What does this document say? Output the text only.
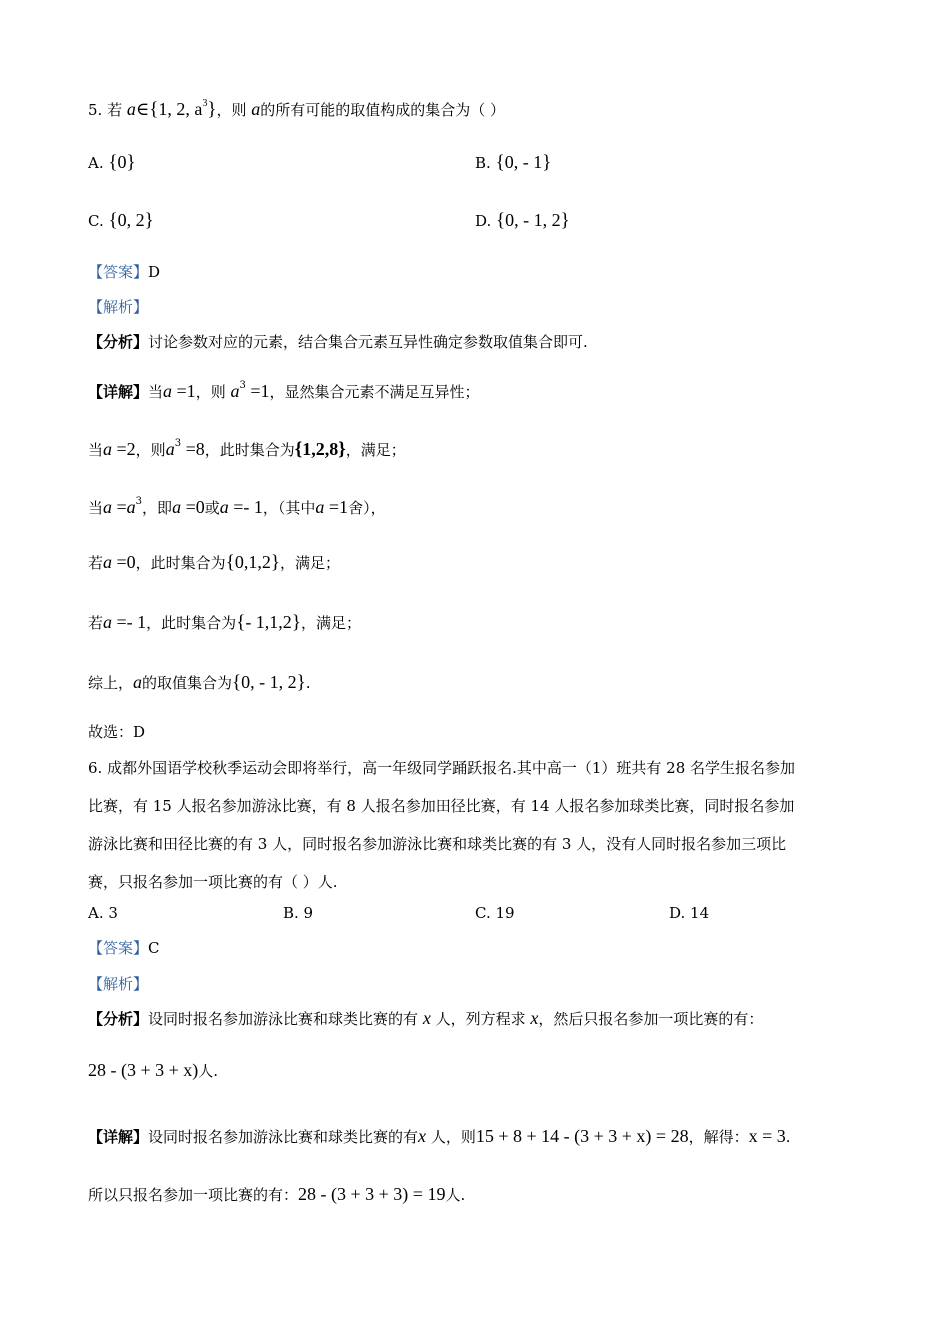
5. 若 a∈{1, 2, $a^3$}，则 a的所有可能的取值构成的集合为（ ）
A. {0}	B. {0, - 1}
C. {0, 2}	D. {0, - 1, 2}
【答案】D
【解析】
【分析】讨论参数对应的元素，结合集合元素互异性确定参数取值集合即可.
【详解】当a =1，则 $a^3 =1$，显然集合元素不满足互异性；
当a =2，则$a^3 =8$，此时集合为{1,2,8}，满足；
当$a =a^3$，即a =0或a =- 1，（其中a =1舍），
若a =0，此时集合为{0,1,2}，满足；
若a =- 1，此时集合为{- 1,1,2}，满足；
综上，a的取值集合为{0, - 1, 2}.
故选：D
6. 成都外国语学校秋季运动会即将举行，高一年级同学踊跃报名.其中高一（1）班共有 28 名学生报名参加
比赛，有 15 人报名参加游泳比赛，有 8 人报名参加田径比赛，有 14 人报名参加球类比赛，同时报名参加
游泳比赛和田径比赛的有 3 人，同时报名参加游泳比赛和球类比赛的有 3 人，没有人同时报名参加三项比
赛，只报名参加一项比赛的有（ ）人.
A. 3	B. 9	C. 19	D. 14
【答案】C
【解析】
【分析】设同时报名参加游泳比赛和球类比赛的有 x 人，列方程求 x，然后只报名参加一项比赛的有：
28 - (3 + 3 + x)人.
【详解】设同时报名参加游泳比赛和球类比赛的有x 人，则15 + 8 + 14 - (3 + 3 + x) = 28，解得：x = 3.
所以只报名参加一项比赛的有：28 - (3 + 3 + 3) = 19人.
